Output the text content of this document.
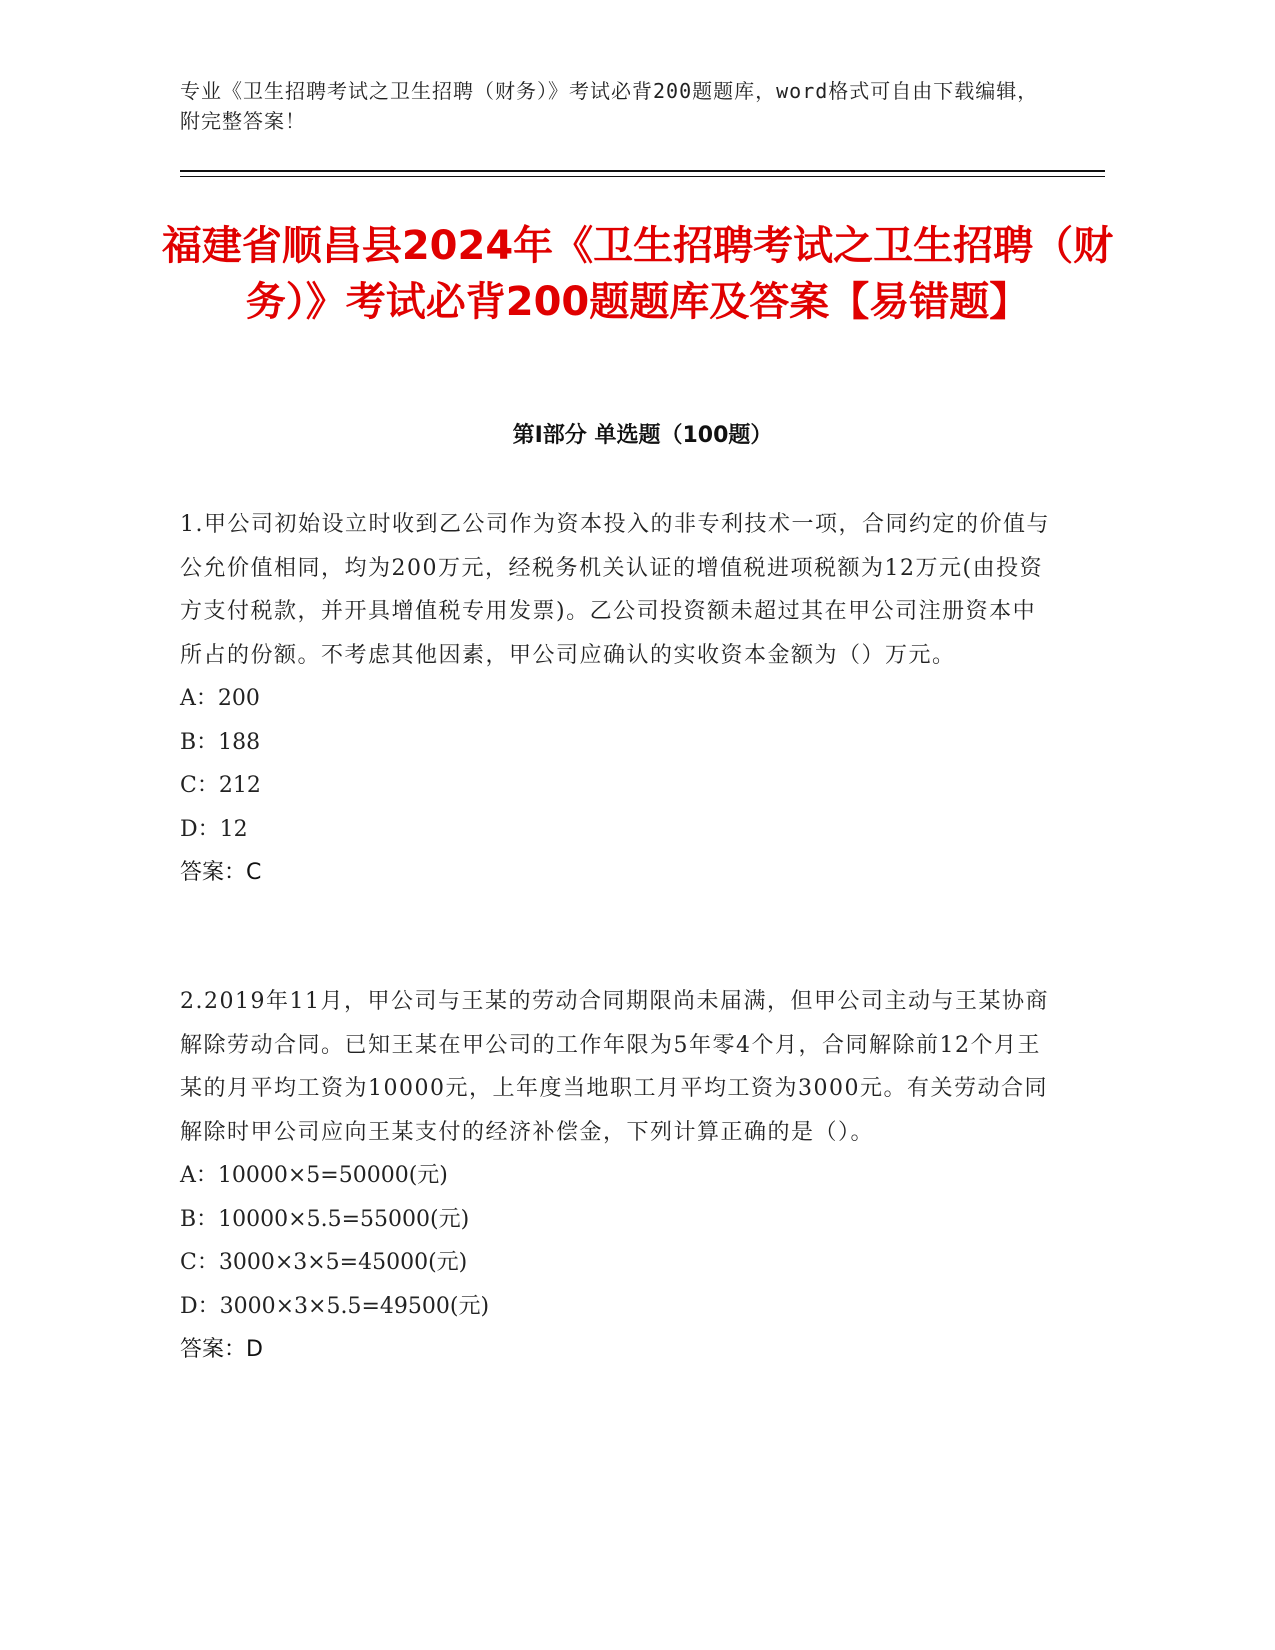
专业《卫生招聘考试之卫生招聘（财务）》考试必背200题题库，word格式可自由下载编辑，附完整答案！

福建省顺昌县2024年《卫生招聘考试之卫生招聘（财务）》考试必背200题题库及答案【易错题】
第I部分 单选题（100题）

1.甲公司初始设立时收到乙公司作为资本投入的非专利技术一项，合同约定的价值与公允价值相同，均为200万元，经税务机关认证的增值税进项税额为12万元(由投资方支付税款，并开具增值税专用发票)。乙公司投资额未超过其在甲公司注册资本中所占的份额。不考虑其他因素，甲公司应确认的实收资本金额为（）万元。

A：200

B：188

C：212

D：12

答案：C

2.2019年11月，甲公司与王某的劳动合同期限尚未届满，但甲公司主动与王某协商解除劳动合同。已知王某在甲公司的工作年限为5年零4个月，合同解除前12个月王某的月平均工资为10000元，上年度当地职工月平均工资为3000元。有关劳动合同解除时甲公司应向王某支付的经济补偿金，下列计算正确的是（）。

A：10000×5=50000(元)

B：10000×5.5=55000(元)

C：3000×3×5=45000(元)

D：3000×3×5.5=49500(元)

答案：D
